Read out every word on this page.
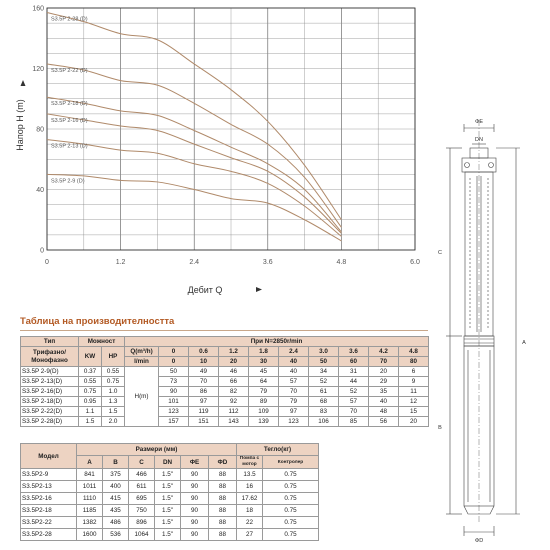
S3.5P 2-28 (D)
S3.5P 2-22 (D)
S3.5P 2-18 (D)
S3.5P 2-16 (D)
S3.5P 2-13 (D)
S3.5P 2-9 (D)
0	1.2	2.4	3.6	4.8	6.0
0
40
80
120
160
Дебит Q
Напор H (m)
Таблица на производителността
Тип	Можност		При N=2850r/min									
Трифазно/ Монофазно	KW	HP	Q(m³/h)	0	0.6	1.2	1.8	2.4	3.0	3.6	4.2	4.8
			l/min	0	10	20	30	40	50	60	70	80
S3.5P 2-9(D)	0.37	0.55	H(m)	50	49	46	45	40	34	31	20	6
S3.5P 2-13(D)	0.55	0.75		73	70	66	64	57	52	44	29	9
S3.5P 2-16(D)	0.75	1.0		90	86	82	79	70	61	52	35	11
S3.5P 2-18(D)	0.95	1.3		101	97	92	89	79	68	57	40	12
S3.5P 2-22(D)	1.1	1.5		123	119	112	109	97	83	70	48	15
S3.5P 2-28(D)	1.5	2.0		157	151	143	139	123	106	85	56	20
Модел	Размери (мм)						Тегло(кг)	
	A	B	C	DN	ΦE	ΦD	Помпа с мотор	Контролер
S3.5P2-9	841	375	466	1.5"	90	88	13.5	0.75
S3.5P2-13	1011	400	611	1.5"	90	88	16	0.75
S3.5P2-16	1110	415	695	1.5"	90	88	17.62	0.75
S3.5P2-18	1185	435	750	1.5"	90	88	18	0.75
S3.5P2-22	1382	486	896	1.5"	90	88	22	0.75
S3.5P2-28	1600	536	1064	1.5"	90	88	27	0.75
ΦE
DN
C
B
A
ΦD
